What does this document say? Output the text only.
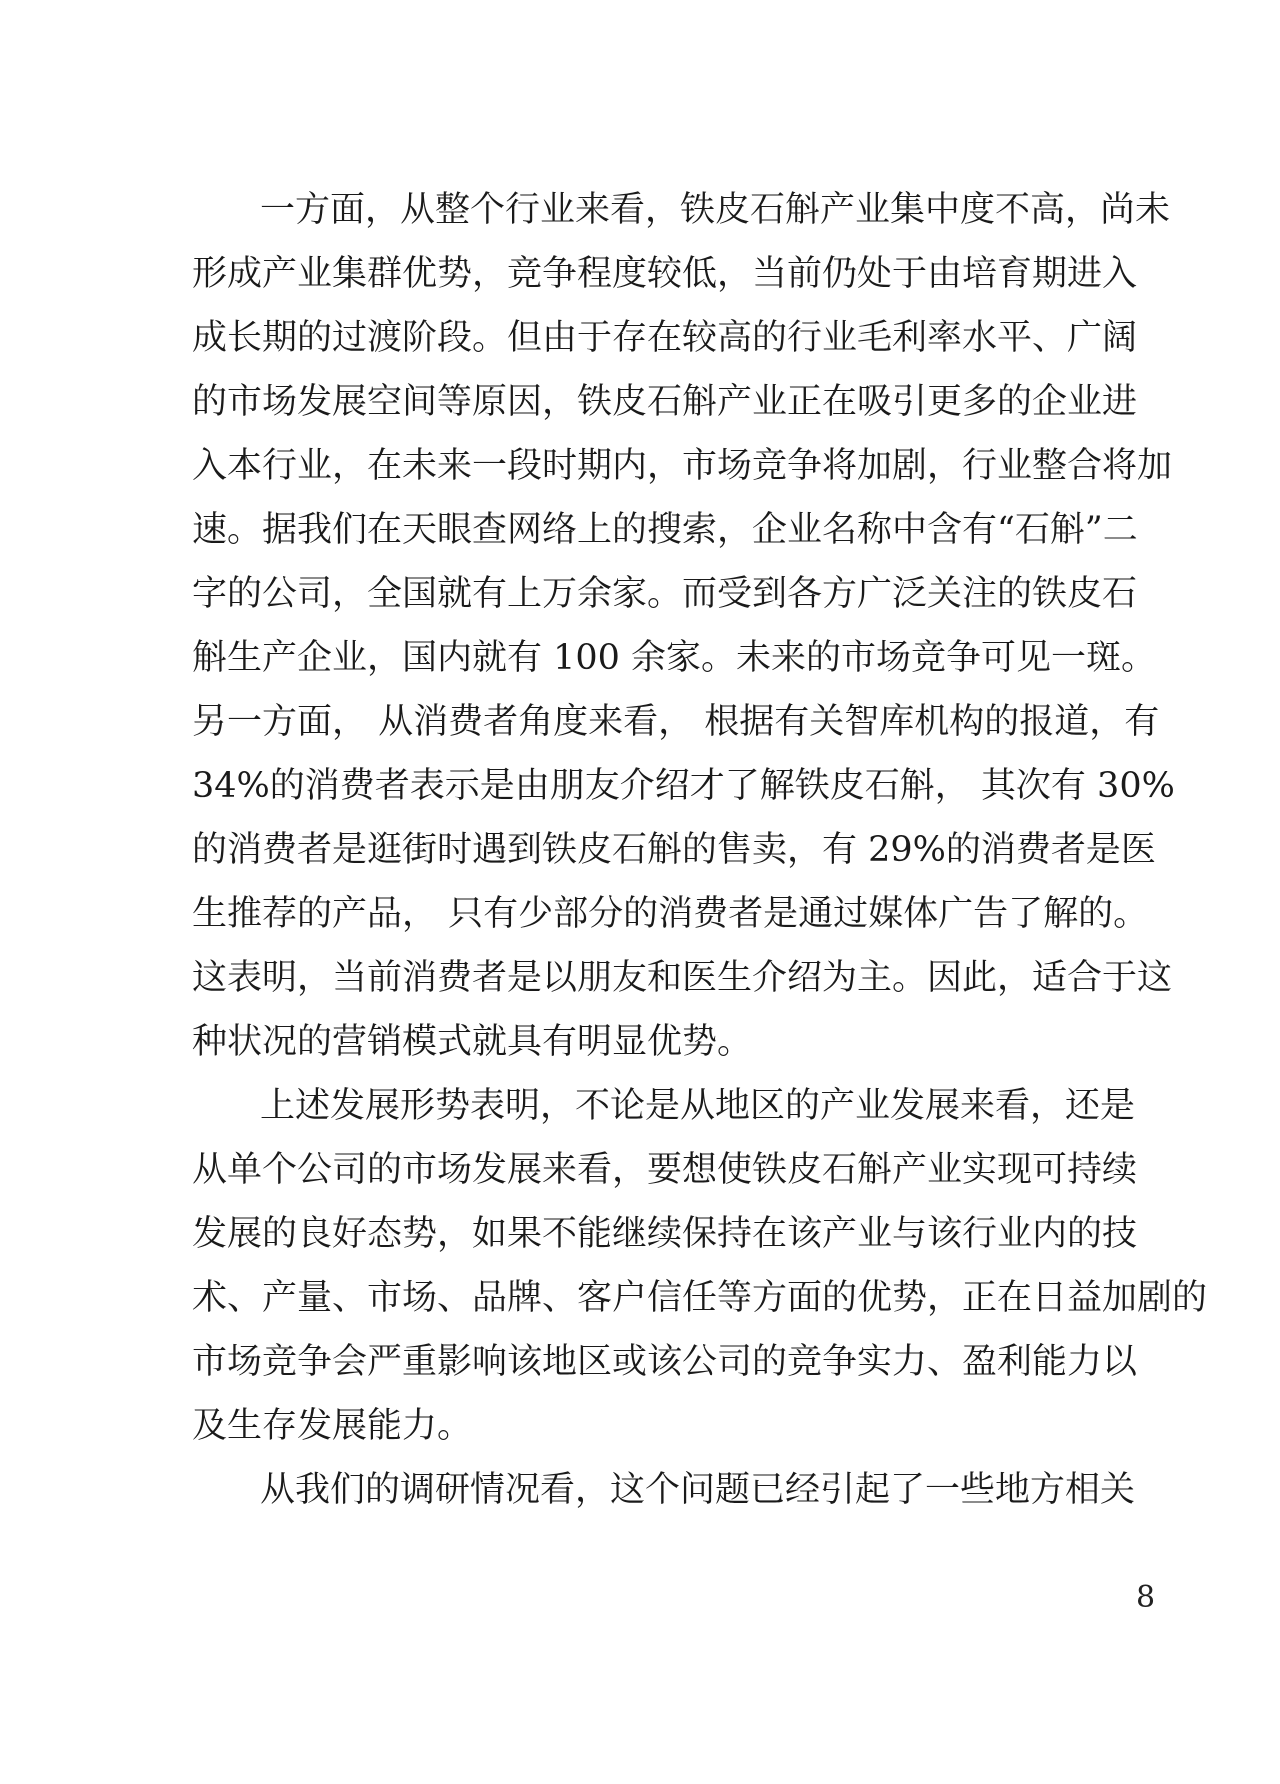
一方面，从整个行业来看，铁皮石斛产业集中度不高，尚未
形成产业集群优势，竞争程度较低，当前仍处于由培育期进入
成长期的过渡阶段。但由于存在较高的行业毛利率水平、广阔
的市场发展空间等原因，铁皮石斛产业正在吸引更多的企业进
入本行业，在未来一段时期内，市场竞争将加剧，行业整合将加
速。据我们在天眼查网络上的搜索，企业名称中含有“石斛”二
字的公司，全国就有上万余家。而受到各方广泛关注的铁皮石
斛生产企业，国内就有 100 余家。未来的市场竞争可见一斑。
另一方面， 从消费者角度来看， 根据有关智库机构的报道，有
34%的消费者表示是由朋友介绍才了解铁皮石斛， 其次有 30%
的消费者是逛街时遇到铁皮石斛的售卖，有 29%的消费者是医
生推荐的产品， 只有少部分的消费者是通过媒体广告了解的。
这表明，当前消费者是以朋友和医生介绍为主。因此，适合于这
种状况的营销模式就具有明显优势。
上述发展形势表明，不论是从地区的产业发展来看，还是
从单个公司的市场发展来看，要想使铁皮石斛产业实现可持续
发展的良好态势，如果不能继续保持在该产业与该行业内的技
术、产量、市场、品牌、客户信任等方面的优势，正在日益加剧的
市场竞争会严重影响该地区或该公司的竞争实力、盈利能力以
及生存发展能力。
从我们的调研情况看，这个问题已经引起了一些地方相关
8
